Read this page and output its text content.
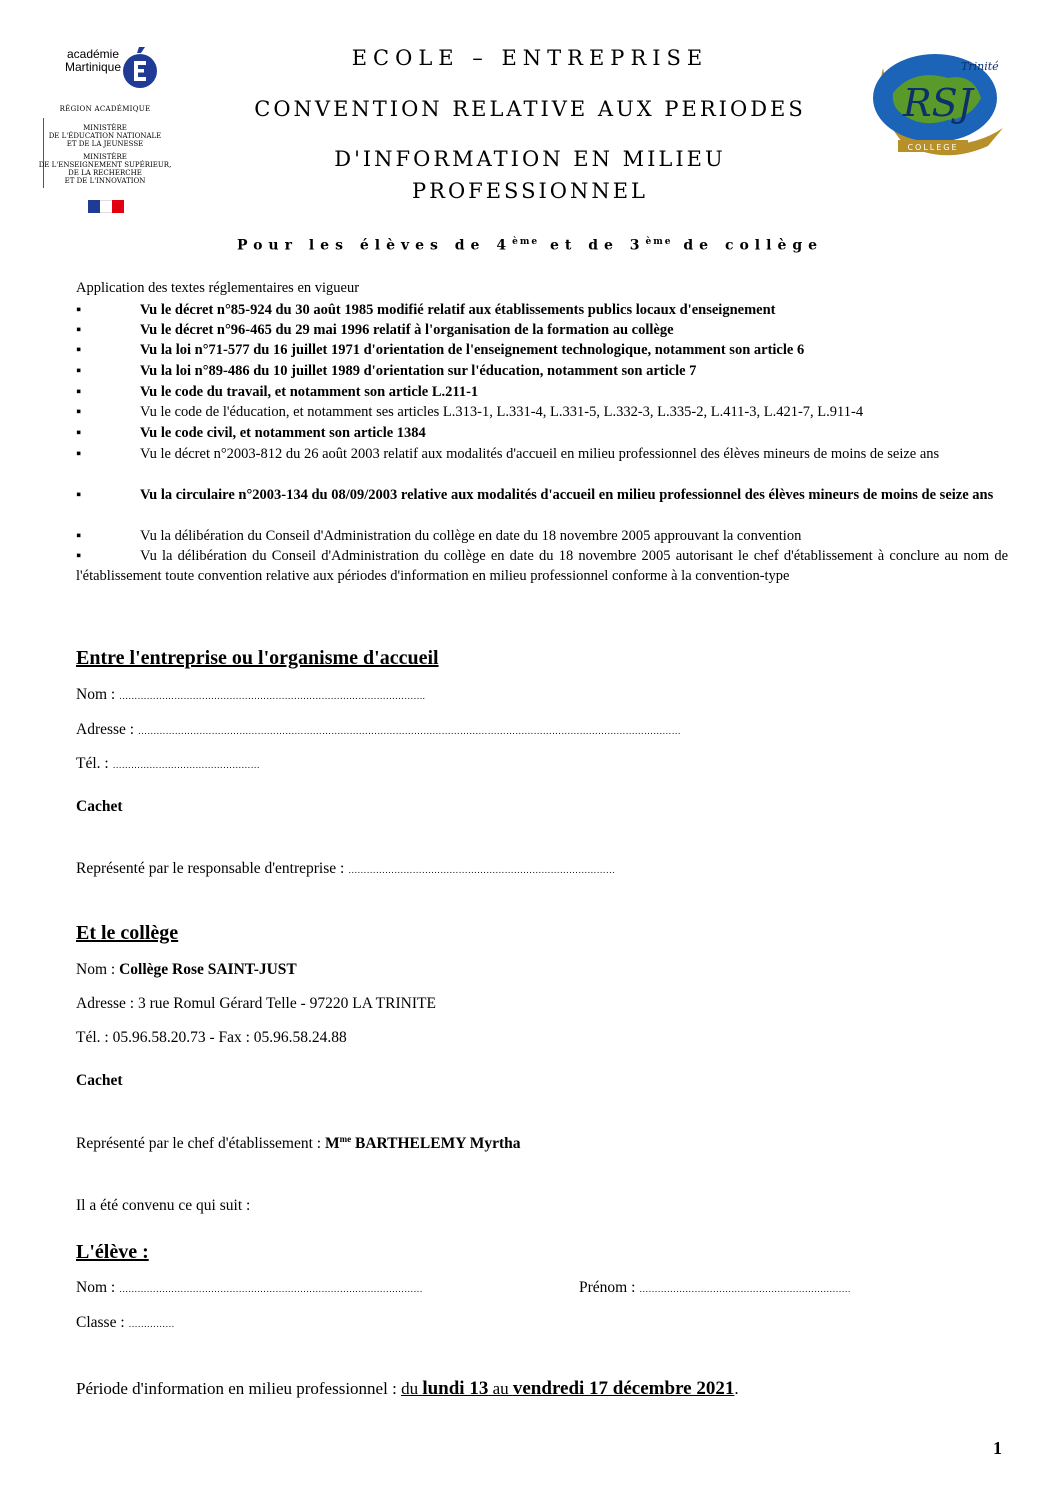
académie
Martinique
RÉGION ACADÉMIQUE
MINISTÈRE
DE L'ÉDUCATION NATIONALE
ET DE LA JEUNESSE
MINISTÈRE
DE L'ENSEIGNEMENT SUPÉRIEUR,
DE LA RECHERCHE
ET DE L'INNOVATION
RSJ
Trinité
COLLEGE
ECOLE – ENTREPRISE
CONVENTION RELATIVE AUX PERIODES
D'INFORMATION EN MILIEU
PROFESSIONNEL
Pour les élèves de 4ème et de 3ème de collège
Application des textes réglementaires en vigueur
▪	Vu le décret n°85-924 du 30 août 1985 modifié relatif aux établissements publics locaux d'enseignement
▪	Vu le décret n°96-465 du 29 mai 1996 relatif à l'organisation de la formation au collège
▪	Vu la loi n°71-577 du 16 juillet 1971 d'orientation de l'enseignement technologique, notamment son article 6
▪	Vu la loi n°89-486 du 10 juillet 1989 d'orientation sur l'éducation, notamment son article 7
▪	Vu le code du travail, et notamment son article L.211-1
▪	Vu le code de l'éducation, et notamment ses articles L.313-1, L.331-4, L.331-5, L.332-3, L.335-2, L.411-3, L.421-7, L.911-4
▪	Vu le code civil, et notamment son article 1384
▪	Vu le décret n°2003-812 du 26 août 2003 relatif aux modalités d'accueil en milieu professionnel des élèves mineurs de moins de seize ans
▪	Vu la circulaire n°2003-134 du 08/09/2003 relative aux modalités d'accueil en milieu professionnel des élèves mineurs de moins de seize ans
▪	Vu la délibération du Conseil d'Administration du collège en date du 18 novembre 2005 approuvant la convention
▪	Vu la délibération du Conseil d'Administration du collège en date du 18 novembre 2005 autorisant le chef d'établissement à conclure au nom de l'établissement toute convention relative aux périodes d'information en milieu professionnel conforme à la convention-type
Entre l'entreprise ou l'organisme d'accueil
Nom : ……………………………………………………………………………………….
Adresse : ……………………………………………………………………………………………………………………………………………………………
Tél. : …………………………………………
Cachet
Représenté par le responsable d'entreprise : ……………………………………………………………………………
Et le collège
Nom : Collège Rose SAINT-JUST
Adresse : 3 rue Romul Gérard Telle - 97220 LA TRINITE
Tél. : 05.96.58.20.73 - Fax : 05.96.58.24.88
Cachet
Représenté par le chef d'établissement : $M^{me}$ BARTHELEMY Myrtha
Il a été convenu ce qui suit :
L'élève :
Nom : ………………………………………………………………………………………	Prénom : ……………………………………………………………
Classe : ……………
Période d'information en milieu professionnel : du lundi 13 au vendredi 17 décembre 2021.
1
